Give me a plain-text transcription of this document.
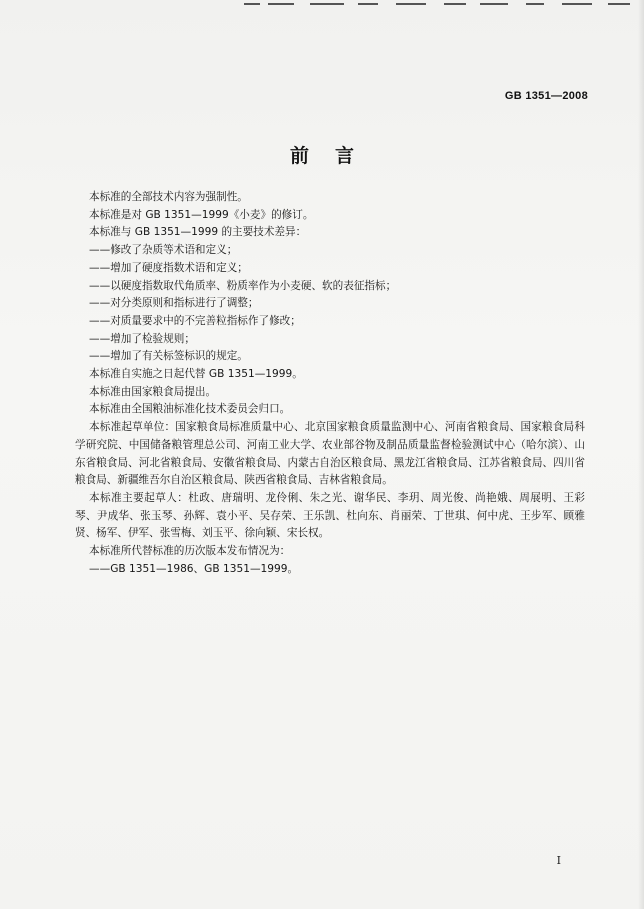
GB 1351—2008
前言

本标准的全部技术内容为强制性。

本标准是对 GB 1351—1999《小麦》的修订。

本标准与 GB 1351—1999 的主要技术差异：

——修改了杂质等术语和定义；

——增加了硬度指数术语和定义；

——以硬度指数取代角质率、粉质率作为小麦硬、软的表征指标；

——对分类原则和指标进行了调整；

——对质量要求中的不完善粒指标作了修改；

——增加了检验规则；

——增加了有关标签标识的规定。

本标准自实施之日起代替 GB 1351—1999。

本标准由国家粮食局提出。

本标准由全国粮油标准化技术委员会归口。

本标准起草单位：国家粮食局标准质量中心、北京国家粮食质量监测中心、河南省粮食局、国家粮食局科学研究院、中国储备粮管理总公司、河南工业大学、农业部谷物及制品质量监督检验测试中心（哈尔滨）、山东省粮食局、河北省粮食局、安徽省粮食局、内蒙古自治区粮食局、黑龙江省粮食局、江苏省粮食局、四川省粮食局、新疆维吾尔自治区粮食局、陕西省粮食局、吉林省粮食局。

本标准主要起草人：杜政、唐瑞明、龙伶俐、朱之光、谢华民、李玥、周光俊、尚艳娥、周展明、王彩琴、尹成华、张玉琴、孙辉、袁小平、吴存荣、王乐凯、杜向东、肖丽荣、丁世琪、何中虎、王步军、顾雅贤、杨军、伊军、张雪梅、刘玉平、徐向颖、宋长权。

本标准所代替标准的历次版本发布情况为：

——GB 1351—1986、GB 1351—1999。

I
